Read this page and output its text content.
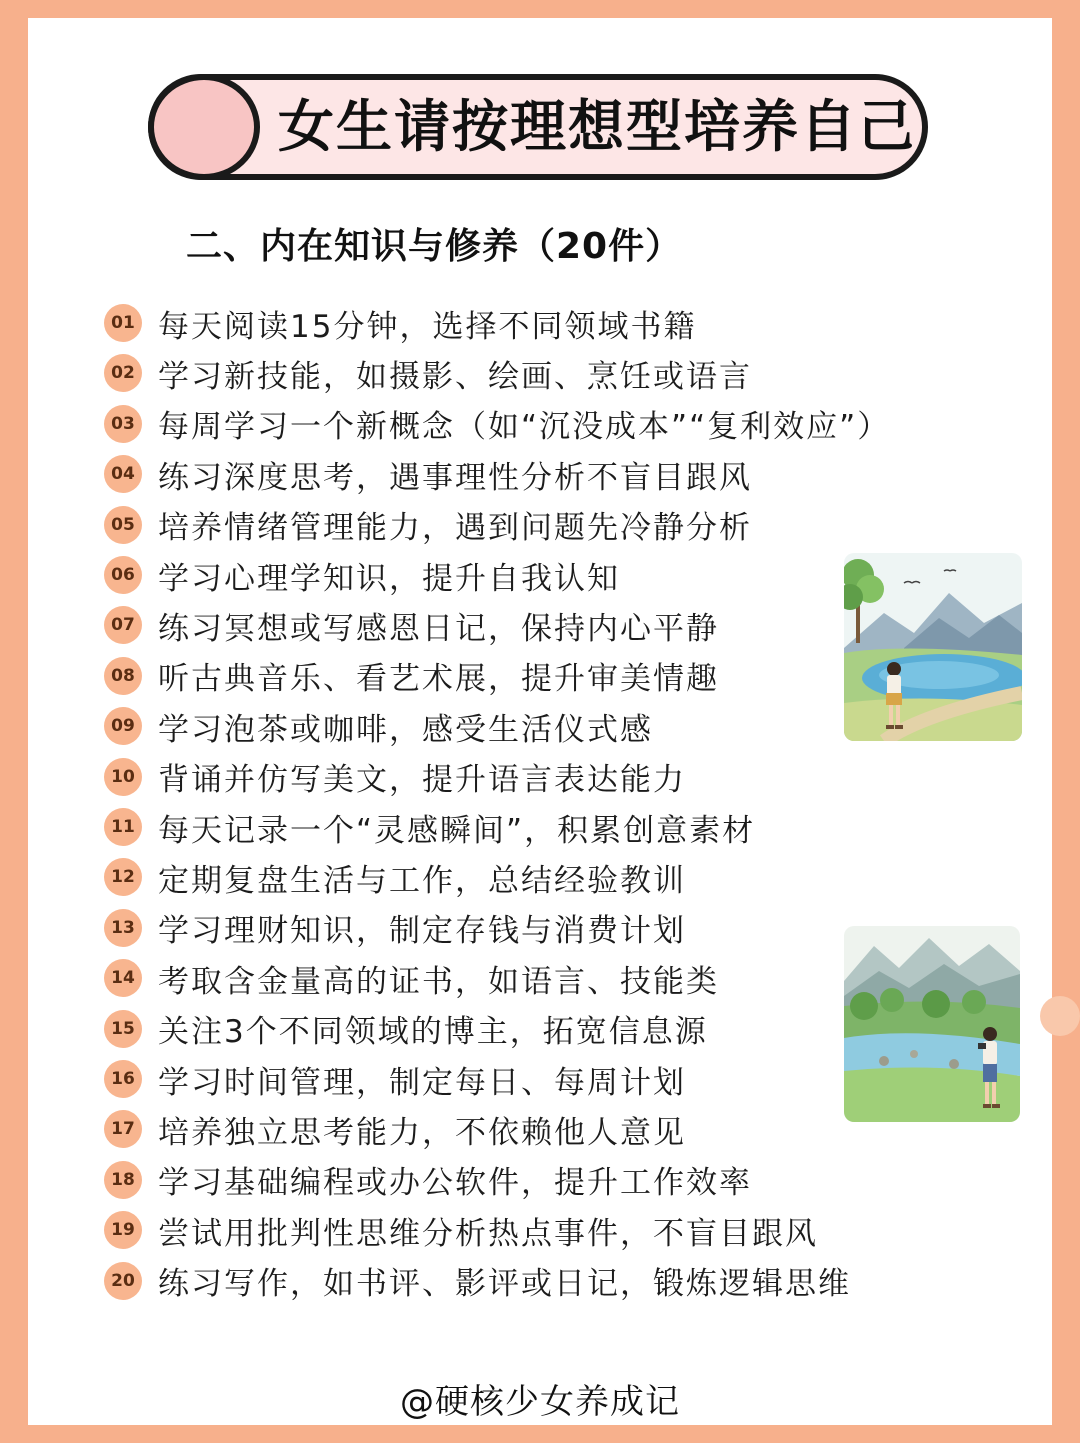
女生请按理想型培养自己
二、内在知识与修养（20件）
01 每天阅读15分钟，选择不同领域书籍
02 学习新技能，如摄影、绘画、烹饪或语言
03 每周学习一个新概念（如“沉没成本”“复利效应”）
04 练习深度思考，遇事理性分析不盲目跟风
05 培养情绪管理能力，遇到问题先冷静分析
06 学习心理学知识，提升自我认知
07 练习冥想或写感恩日记，保持内心平静
08 听古典音乐、看艺术展，提升审美情趣
09 学习泡茶或咖啡，感受生活仪式感
10 背诵并仿写美文，提升语言表达能力
11 每天记录一个“灵感瞬间”，积累创意素材
12 定期复盘生活与工作，总结经验教训
13 学习理财知识，制定存钱与消费计划
14 考取含金量高的证书，如语言、技能类
15 关注3个不同领域的博主，拓宽信息源
16 学习时间管理，制定每日、每周计划
17 培养独立思考能力，不依赖他人意见
18 学习基础编程或办公软件，提升工作效率
19 尝试用批判性思维分析热点事件，不盲目跟风
20 练习写作，如书评、影评或日记，锻炼逻辑思维
@硬核少女养成记
